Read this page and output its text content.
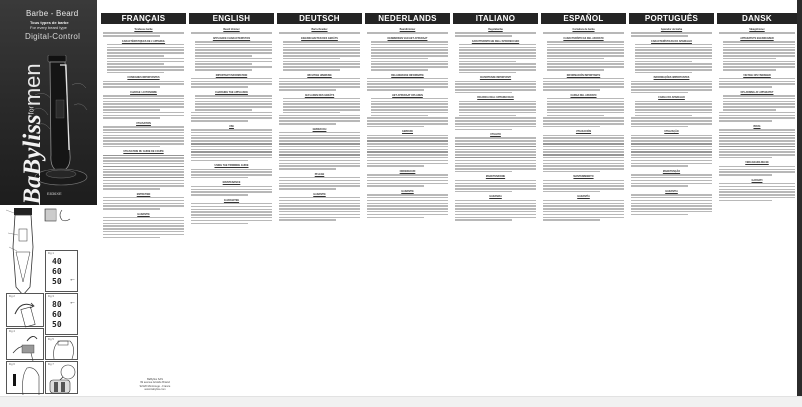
Barbe - Beard
Tous types de barbe
For every beard type
Digital-Control
BaByliss$^{for}$men
E836XE
Fig 1
40
60
50 ←
Fig 3
80
60
50
←
Fig 2
Fig 4
Fig 5
Fig 6	Fig 7
FRANÇAIS
Tondeuse barbe
CARACTÉRISTIQUES DE L'APPAREIL
CONSIGNES IMPORTANTES
CHARGE / AUTONOMIE
UTILISATION
UTILISATION DU GUIDE DE COUPE
ENTRETIEN
GARANTIE
BaByliss SAS
99 avenue Aristide Briand
92120 Montrouge - France
www.babyliss.com
ENGLISH
Beard trimmer
APPLIANCE CHARACTERISTICS
IMPORTANT INFORMATION
CHARGING THE APPLIANCE
USE
USING THE TRIMMING GUIDE
MAINTENANCE
GUARANTEE
DEUTSCH
Bartschneider
EIGENSCHAFTEN DES GERÄTS
WICHTIGE HINWEISE
AUFLADEN DES GERÄTS
GEBRAUCH
PFLEGE
GARANTIE
NEDERLANDS
Baardtrimmer
KENMERKEN VAN HET APPARAAT
BELANGRIJKE INFORMATIE
HET APPARAAT OPLADEN
GEBRUIK
ONDERHOUD
GARANTIE
ITALIANO
Regolabarba
CARATTERISTICHE DELL'APPARECCHIO
AVVERTENZE IMPORTANTI
RICARICA DELL'APPARECCHIO
UTILIZZO
MANUTENZIONE
GARANZIA
ESPAÑOL
Cortadora de barba
CARACTERÍSTICAS DEL APARATO
INFORMACIÓN IMPORTANTE
CARGA DEL APARATO
UTILIZACIÓN
MANTENIMIENTO
GARANTÍA
PORTUGUÊS
Aparador de barba
CARACTERÍSTICAS DO APARELHO
INFORMAÇÕES IMPORTANTES
CARGA DO APARELHO
UTILIZAÇÃO
MANUTENÇÃO
GARANTIA
DANSK
Skægtrimmer
APPARATETS EGENSKABER
VIGTIGE OPLYSNINGER
OPLADNING AF APPARATET
BRUG
VEDLIGEHOLDELSE
GARANTI
